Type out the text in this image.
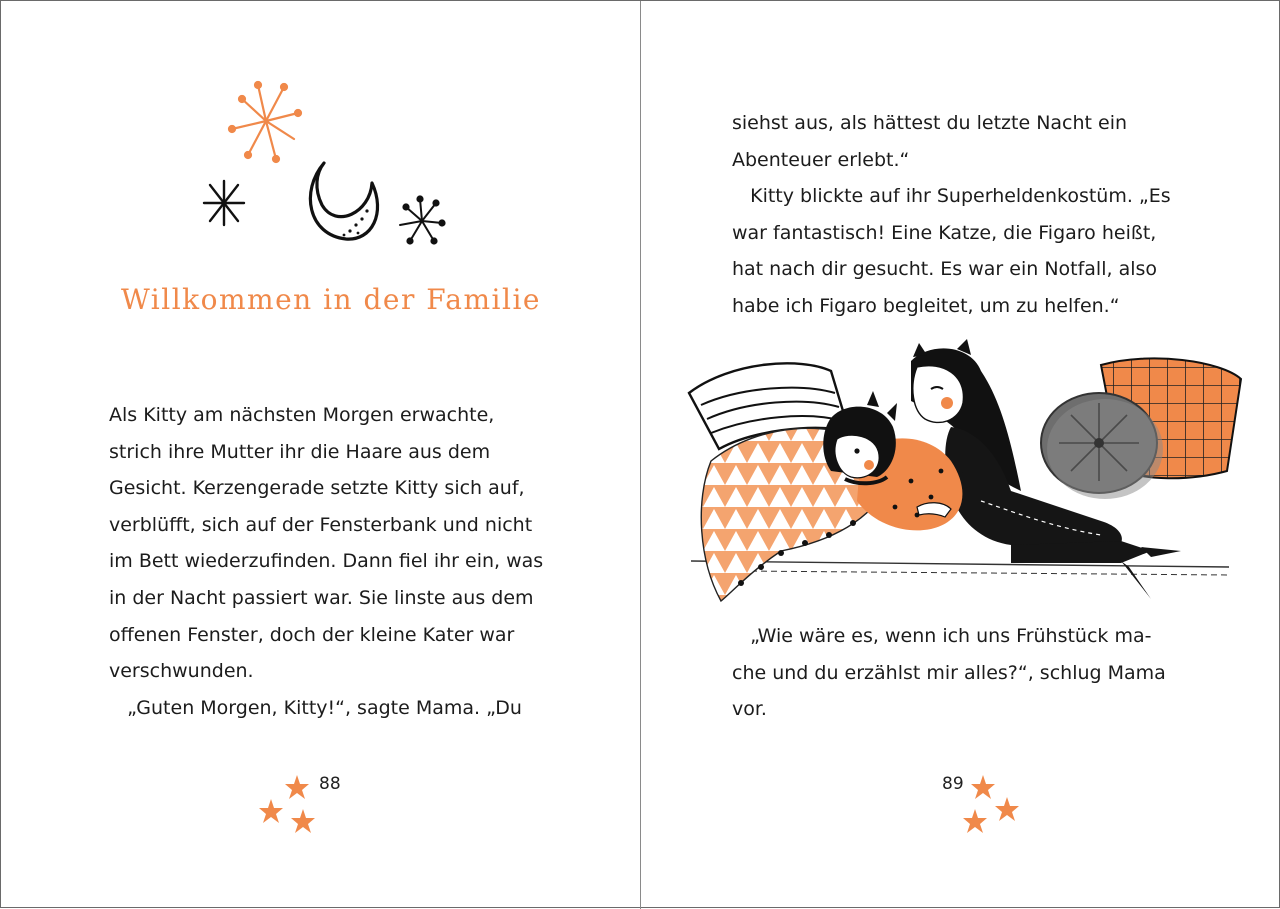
Willkommen in der Familie
Als Kitty am nächsten Morgen erwachte,
strich ihre Mutter ihr die Haare aus dem
Gesicht. Kerzengerade setzte Kitty sich auf,
verblüfft, sich auf der Fensterbank und nicht
im Bett wiederzufinden. Dann fiel ihr ein, was
in der Nacht passiert war. Sie linste aus dem
offenen Fenster, doch der kleine Kater war
verschwunden.
„Guten Morgen, Kitty!“, sagte Mama. „Du
88
siehst aus, als hättest du letzte Nacht ein
Abenteuer erlebt.“
Kitty blickte auf ihr Superheldenkostüm. „Es
war fantastisch! Eine Katze, die Figaro heißt,
hat nach dir gesucht. Es war ein Notfall, also
habe ich Figaro begleitet, um zu helfen.“
„Wie wäre es, wenn ich uns Frühstück ma-
che und du erzählst mir alles?“, schlug Mama
vor.
89
